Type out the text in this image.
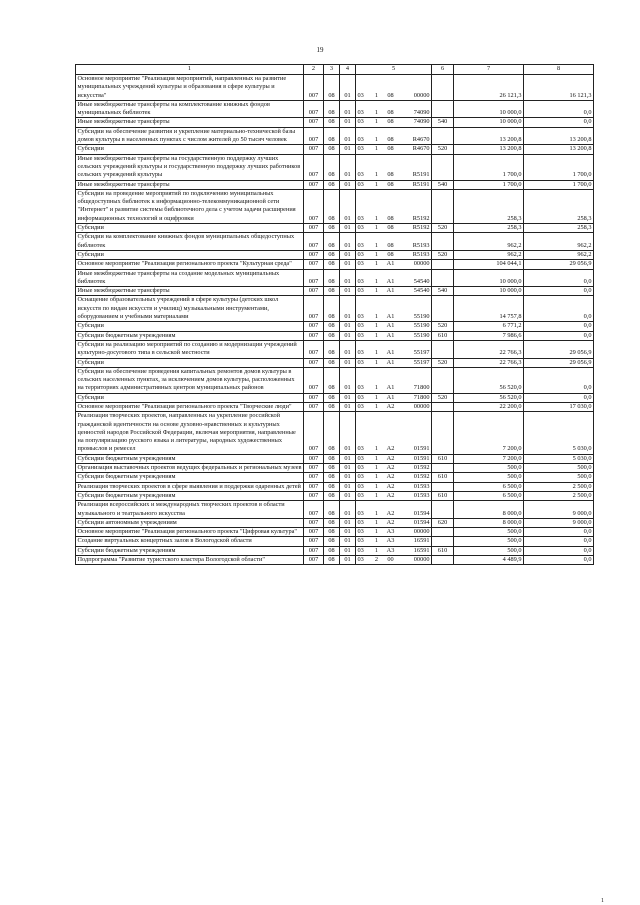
19
1	2	3	4	5				6	7	8
Основное мероприятие "Реализация мероприятий, направленных на развитие муниципальных учреждений культуры и образования в сфере культуры и искусства"	007	08	01	03	1	08	00000		26 121,3	16 121,3
Иные межбюджетные трансферты на комплектование книжных фондов муниципальных библиотек	007	08	01	03	1	08	74090		10 000,0	0,0
Иные межбюджетные трансферты	007	08	01	03	1	08	74090	540	10 000,0	0,0
Субсидии на обеспечение развития и укрепление материально-технической базы домов культуры в населенных пунктах с числом жителей до 50 тысяч человек	007	08	01	03	1	08	R4670		13 200,8	13 200,8
Субсидии	007	08	01	03	1	08	R4670	520	13 200,8	13 200,8
Иные межбюджетные трансферты на государственную поддержку лучших сельских учреждений культуры и государственную поддержку лучших работников сельских учреждений культуры	007	08	01	03	1	08	R5191		1 700,0	1 700,0
Иные межбюджетные трансферты	007	08	01	03	1	08	R5191	540	1 700,0	1 700,0
Субсидии на проведение мероприятий по подключению муниципальных общедоступных библиотек к информационно-телекоммуникационной сети "Интернет" и развитие системы библиотечного дела с учетом задачи расширения информационных технологий и оцифровки	007	08	01	03	1	08	R5192		258,3	258,3
Субсидии	007	08	01	03	1	08	R5192	520	258,3	258,3
Субсидии на комплектование книжных фондов муниципальных общедоступных библиотек	007	08	01	03	1	08	R5193		962,2	962,2
Субсидии	007	08	01	03	1	08	R5193	520	962,2	962,2
Основное мероприятие "Реализация регионального проекта "Культурная среда"	007	08	01	03	1	A1	00000		104 044,1	29 056,9
Иные межбюджетные трансферты на создание модельных муниципальных библиотек	007	08	01	03	1	A1	54540		10 000,0	0,0
Иные межбюджетные трансферты	007	08	01	03	1	A1	54540	540	10 000,0	0,0
Оснащение образовательных учреждений в сфере культуры (детских школ искусств по видам искусств и училищ) музыкальными инструментами, оборудованием и учебными материалами	007	08	01	03	1	A1	55190		14 757,8	0,0
Субсидии	007	08	01	03	1	A1	55190	520	6 771,2	0,0
Субсидии бюджетным учреждениям	007	08	01	03	1	A1	55190	610	7 986,6	0,0
Субсидии на реализацию мероприятий по созданию и модернизации учреждений культурно-досугового типа в сельской местности	007	08	01	03	1	A1	55197		22 766,3	29 056,9
Субсидии	007	08	01	03	1	A1	55197	520	22 766,3	29 056,9
Субсидии на обеспечение проведения капитальных ремонтов домов культуры в сельских населенных пунктах, за исключением домов культуры, расположенных на территориях административных центров муниципальных районов	007	08	01	03	1	A1	71800		56 520,0	0,0
Субсидии	007	08	01	03	1	A1	71800	520	56 520,0	0,0
Основное мероприятие "Реализация регионального проекта "Творческие люди"	007	08	01	03	1	A2	00000		22 200,0	17 030,0
Реализация творческих проектов, направленных на укрепление российской гражданской идентичности на основе духовно-нравственных и культурных ценностей народов Российской Федерации, включая мероприятия, направленные на популяризацию русского языка и литературы, народных художественных промыслов и ремесел	007	08	01	03	1	A2	01591		7 200,0	5 030,0
Субсидии бюджетным учреждениям	007	08	01	03	1	A2	01591	610	7 200,0	5 030,0
Организация выставочных проектов ведущих федеральных и региональных музеев	007	08	01	03	1	A2	01592		500,0	500,0
Субсидии бюджетным учреждениям	007	08	01	03	1	A2	01592	610	500,0	500,0
Реализация творческих проектов в сфере выявления и поддержки одаренных детей	007	08	01	03	1	A2	01593		6 500,0	2 500,0
Субсидии бюджетным учреждениям	007	08	01	03	1	A2	01593	610	6 500,0	2 500,0
Реализация всероссийских и международных творческих проектов в области музыкального и театрального искусства	007	08	01	03	1	A2	01594		8 000,0	9 000,0
Субсидии автономным учреждениям	007	08	01	03	1	A2	01594	620	8 000,0	9 000,0
Основное мероприятие "Реализация регионального проекта "Цифровая культура"	007	08	01	03	1	A3	00000		500,0	0,0
Создание виртуальных концертных залов в Вологодской области	007	08	01	03	1	A3	16591		500,0	0,0
Субсидии бюджетным учреждениям	007	08	01	03	1	A3	16591	610	500,0	0,0
Подпрограмма "Развитие туристского кластера Вологодской области"	007	08	01	03	2	00	00000		4 489,9	0,0
1
